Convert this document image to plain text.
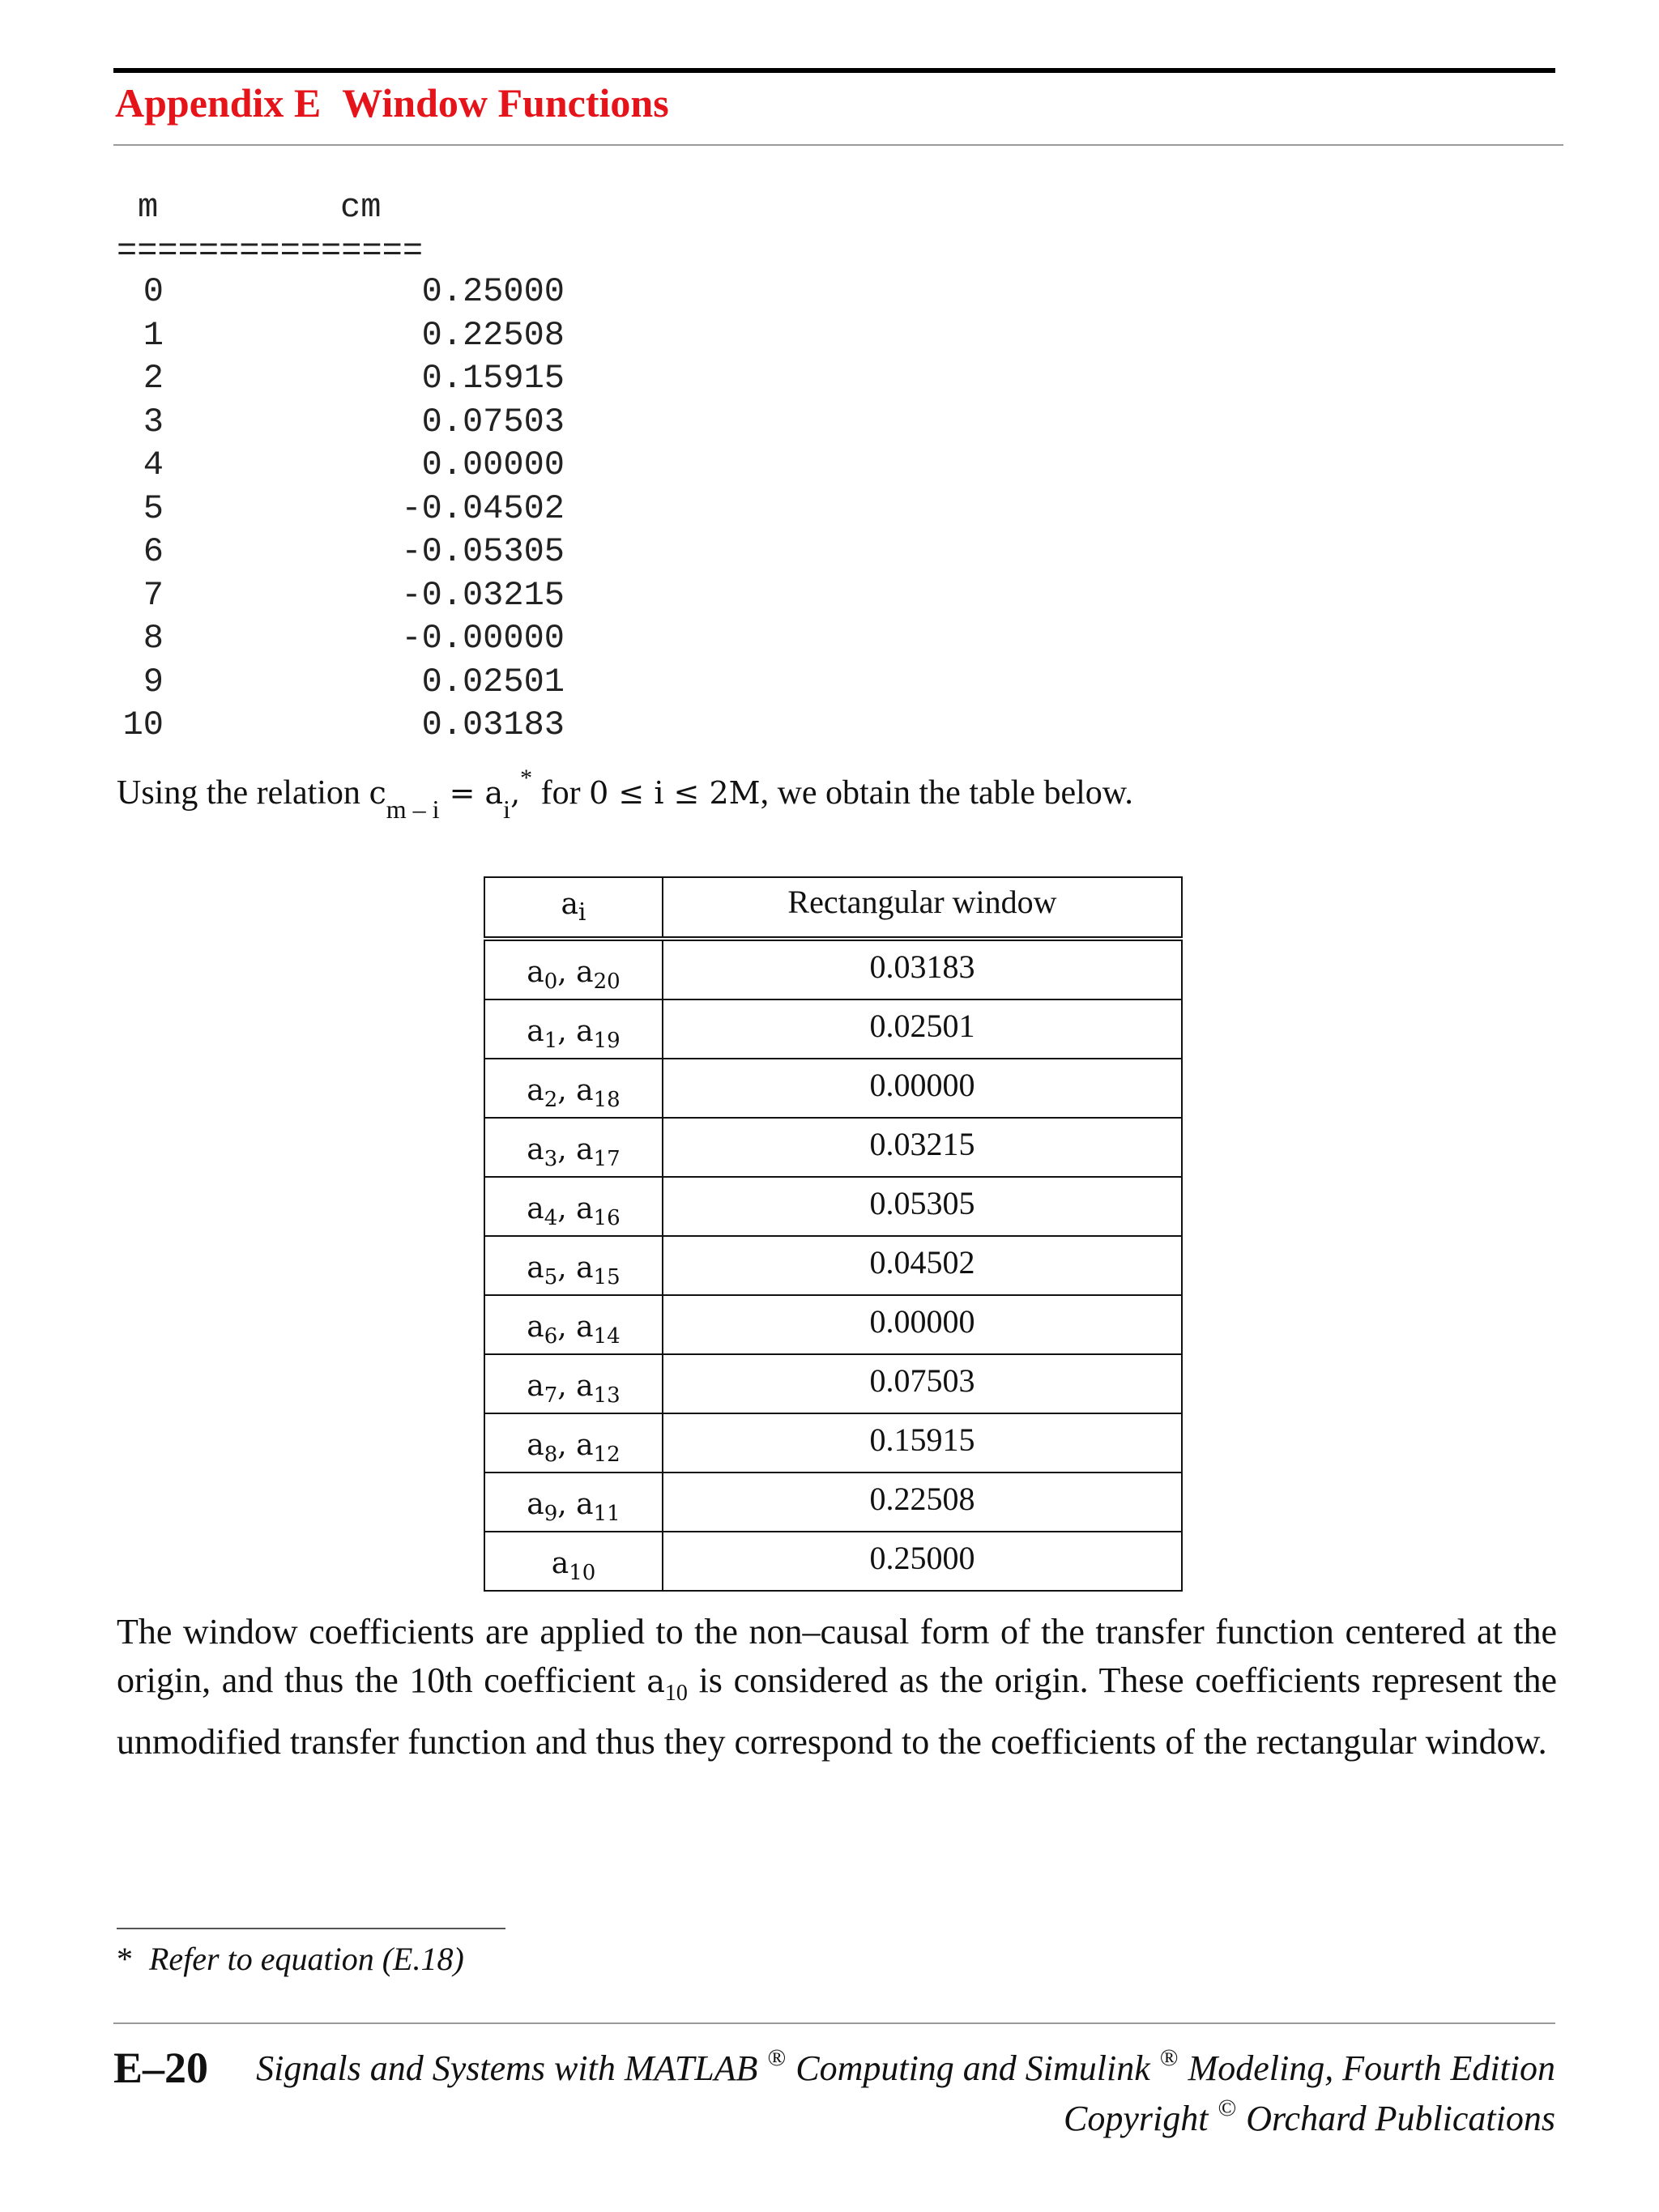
Appendix E Window Functions
m	cm
===============
0	0.25000
1	0.22508
2	0.15915
3	0.07503
4	0.00000
5	-0.04502
6	-0.05305
7	-0.03215
8	-0.00000
9	0.02501
10	0.03183
Using the relation $c_{m - i} = a_i,^*$ for 0 ≤ i ≤ 2M, we obtain the table below.
$a_i$	Rectangular window
$a_0$, $a_{20}$	0.03183
$a_1$, $a_{19}$	0.02501
$a_2$, $a_{18}$	0.00000
$a_3$, $a_{17}$	0.03215
$a_4$, $a_{16}$	0.05305
$a_5$, $a_{15}$	0.04502
$a_6$, $a_{14}$	0.00000
$a_7$, $a_{13}$	0.07503
$a_8$, $a_{12}$	0.15915
$a_9$, $a_{11}$	0.22508
$a_{10}$	0.25000
The window coefficients are applied to the non–causal form of the transfer function centered at the origin, and thus the 10th coefficient $a_{10}$ is considered as the origin. These coefficients represent the unmodified transfer function and thus they correspond to the coefficients of the rectangular window.
* Refer to equation (E.18)
E–20 Signals and Systems with MATLAB ® Computing and Simulink ® Modeling, Fourth Edition
Copyright © Orchard Publications
